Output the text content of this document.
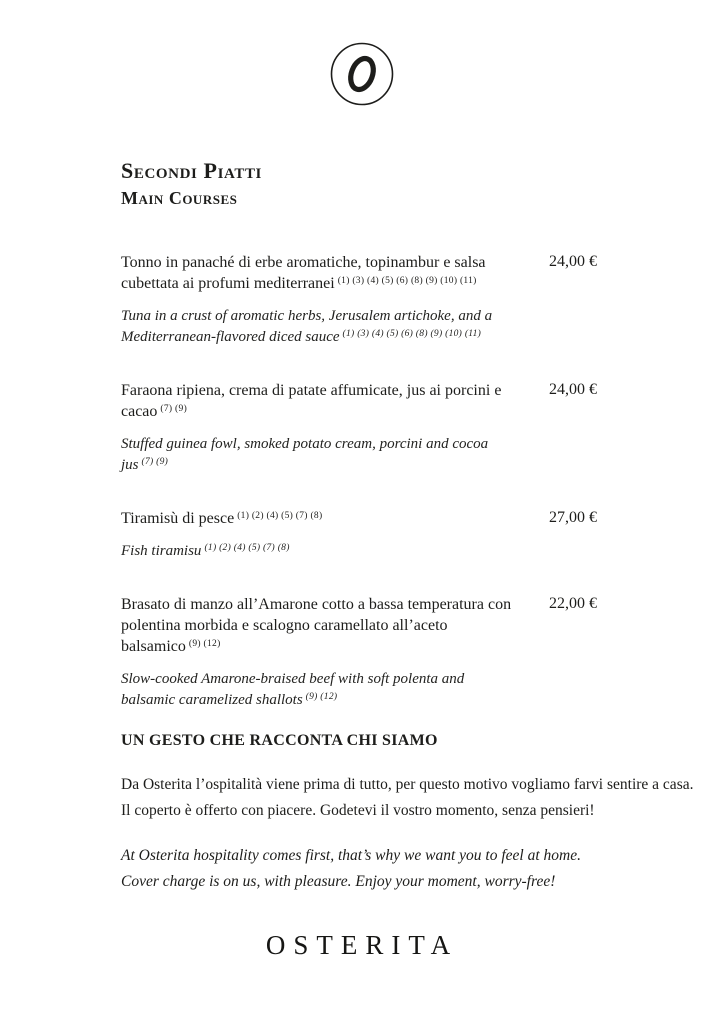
Secondi Piatti
Main Courses
Tonno in panaché di erbe aromatiche, topinambur e salsa cubettata ai profumi mediterranei $^{(1) (3) (4) (5) (6) (8) (9) (10) (11)}$
Tuna in a crust of aromatic herbs, Jerusalem artichoke, and a Mediterranean-flavored diced sauce $^{(1) (3) (4) (5) (6) (8) (9) (10) (11)}$
24,00 €
Faraona ripiena, crema di patate affumicate, jus ai porcini e cacao $^{(7) (9)}$
Stuffed guinea fowl, smoked potato cream, porcini and cocoa jus $^{(7) (9)}$
24,00 €
Tiramisù di pesce $^{(1) (2) (4) (5) (7) (8)}$
Fish tiramisu $^{(1) (2) (4) (5) (7) (8)}$
27,00 €
Brasato di manzo all’Amarone cotto a bassa temperatura con polentina morbida e scalogno caramellato all’aceto balsamico $^{(9) (12)}$
Slow-cooked Amarone-braised beef with soft polenta and balsamic caramelized shallots $^{(9) (12)}$
22,00 €
UN GESTO CHE RACCONTA CHI SIAMO
Da Osterita l’ospitalità viene prima di tutto, per questo motivo vogliamo farvi sentire a casa.
Il coperto è offerto con piacere. Godetevi il vostro momento, senza pensieri!
At Osterita hospitality comes first, that’s why we want you to feel at home.
Cover charge is on us, with pleasure. Enjoy your moment, worry-free!
OSTERITA
